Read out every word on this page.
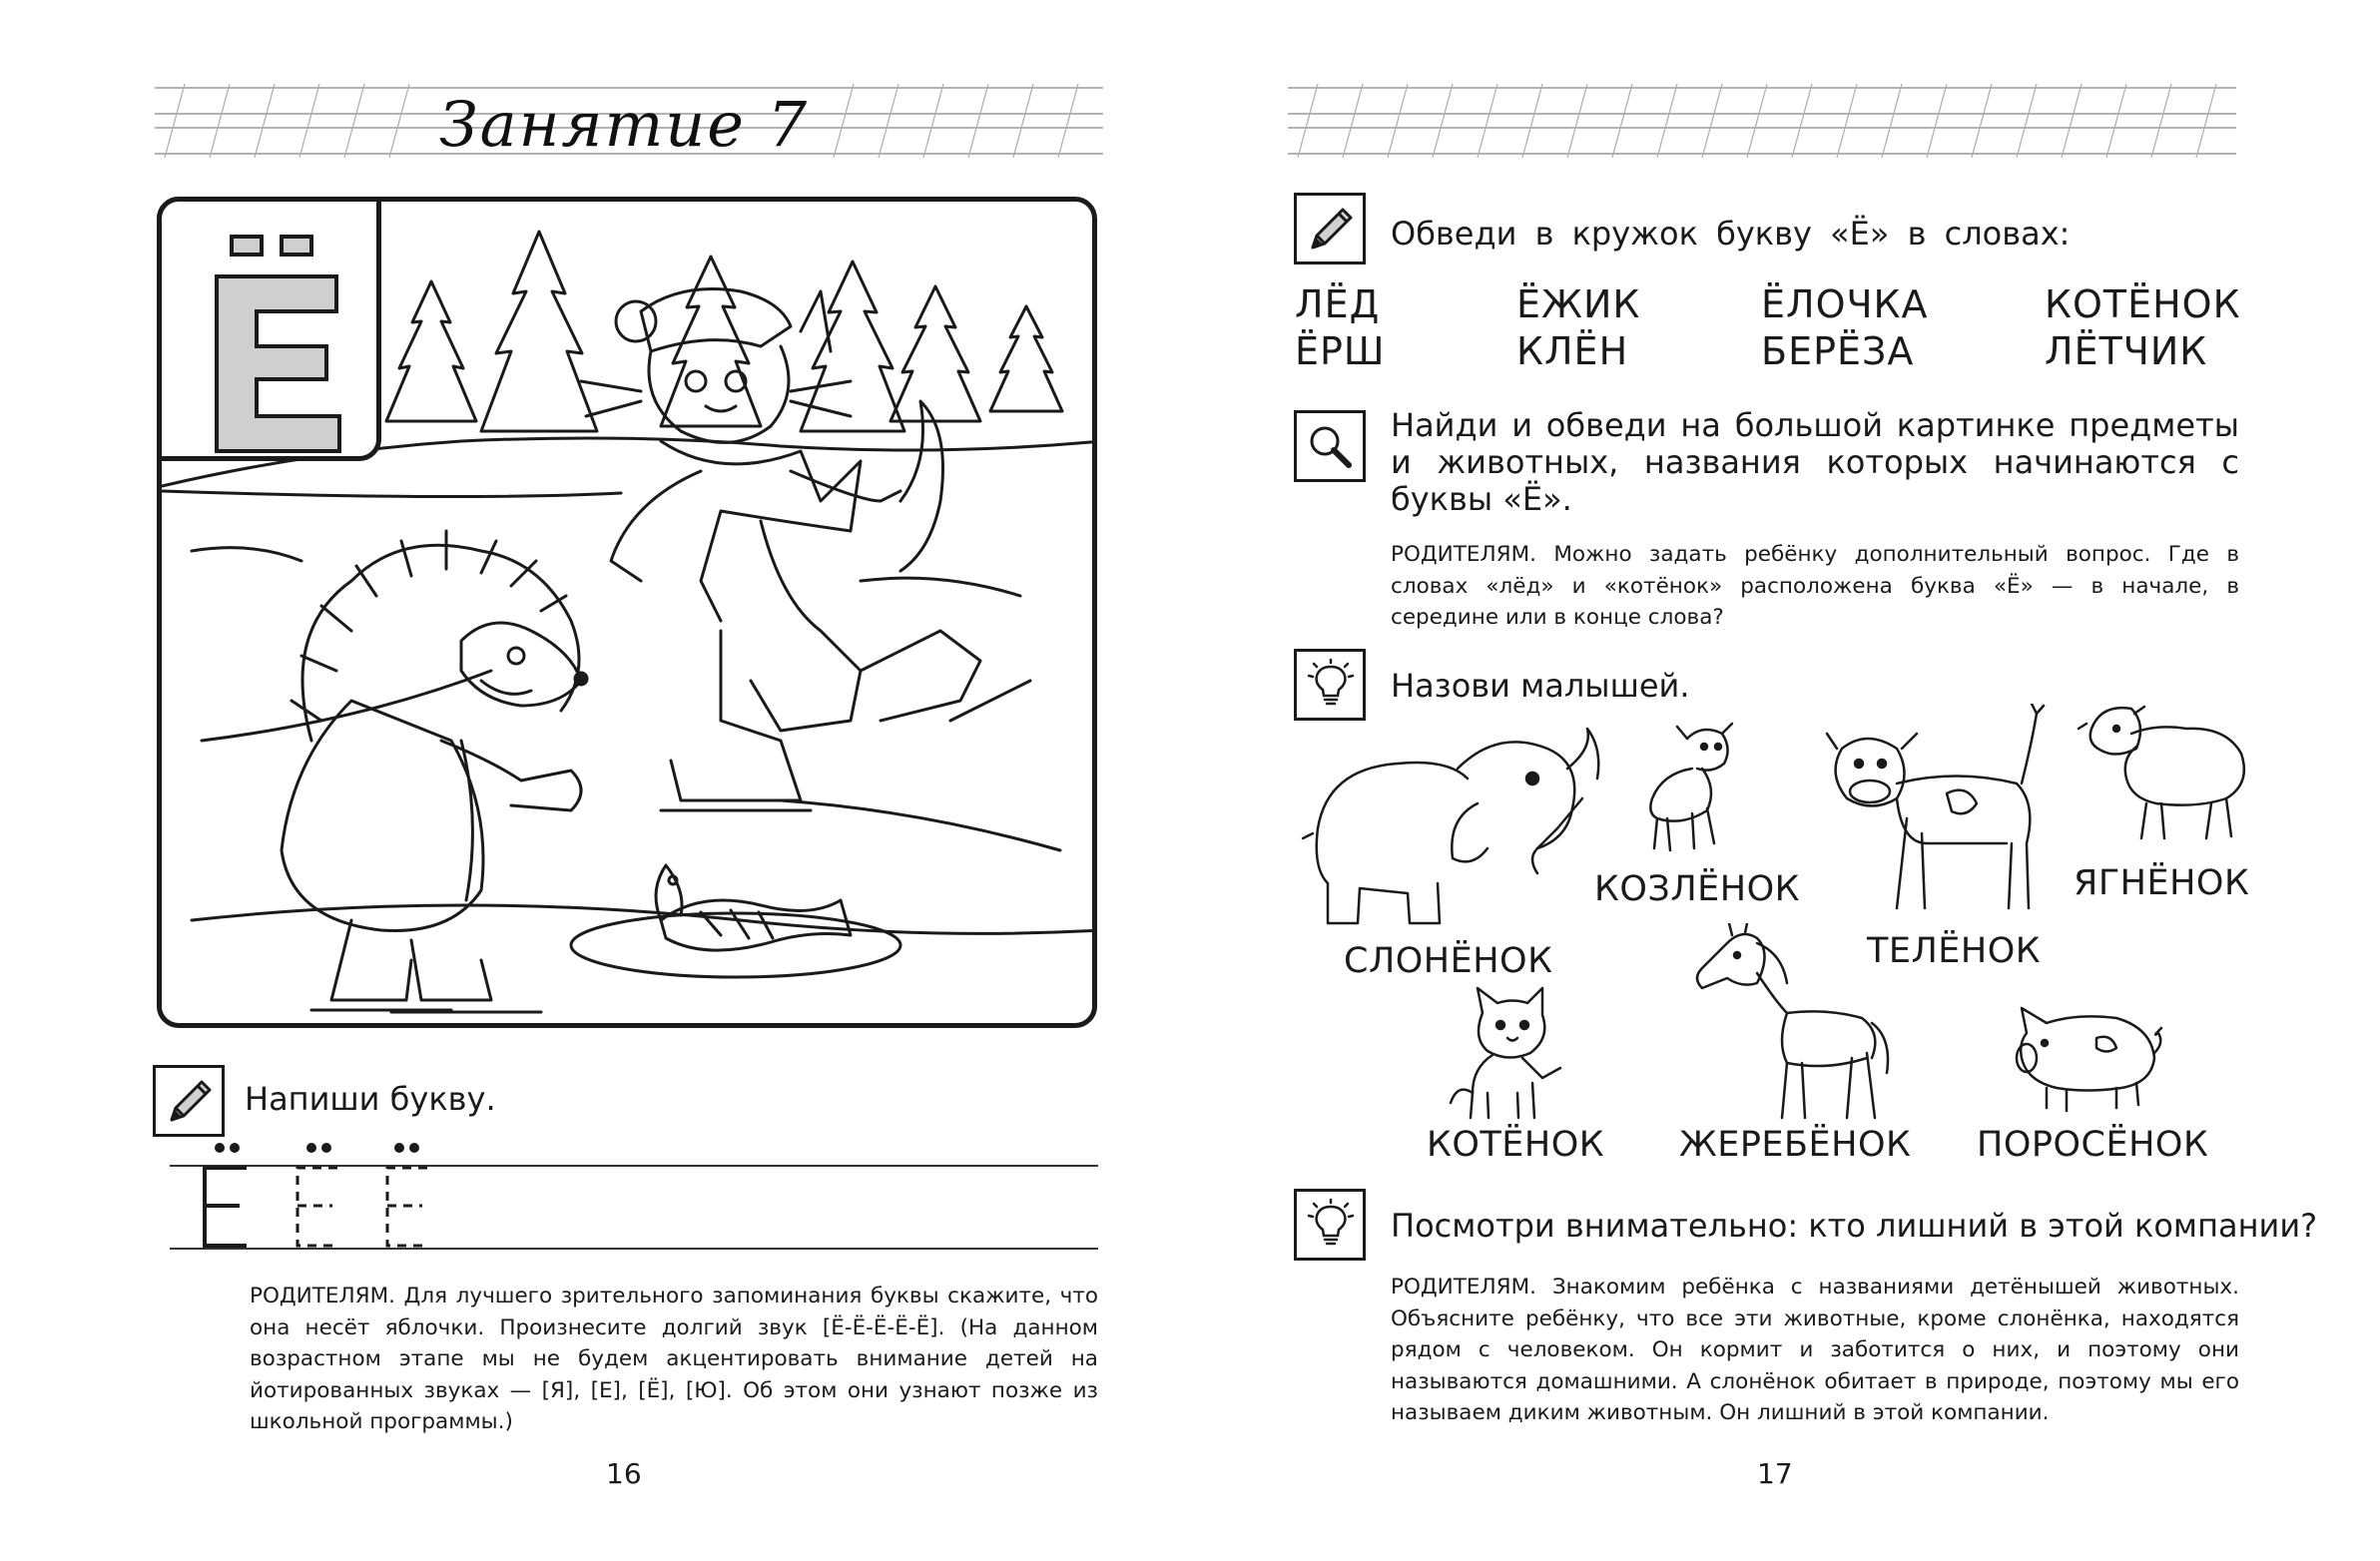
Занятие 7
Напиши букву.
РОДИТЕЛЯМ. Для лучшего зрительного запоминания буквы скажите, что она несёт яблочки. Произнесите долгий звук [Ё-Ё-Ё-Ё-Ё]. (На данном возрастном этапе мы не будем акцентировать внимание детей на йотированных звуках — [Я], [Е], [Ё], [Ю]. Об этом они узнают позже из школьной программы.)
16
Обведи в кружок букву «Ё» в словах:
ЛЁД	ЁЖИК	ЁЛОЧКА	КОТЁНОК
ЁРШ	КЛЁН	БЕРЁЗА	ЛЁТЧИК
Найди и обведи на большой картинке предметы и животных, названия которых начинаются с буквы «Ё».
РОДИТЕЛЯМ. Можно задать ребёнку дополнительный вопрос. Где в словах «лёд» и «котёнок» расположена буква «Ё» — в начале, в середине или в конце слова?
Назови малышей.
СЛОНЁНОК
КОЗЛЁНОК
ТЕЛЁНОК
ЯГНЁНОК
КОТЁНОК ЖЕРЕБЁНОК ПОРОСЁНОК
Посмотри внимательно: кто лишний в этой компании?
РОДИТЕЛЯМ. Знакомим ребёнка с названиями детёнышей животных. Объясните ребёнку, что все эти животные, кроме слонёнка, находятся рядом с человеком. Он кормит и заботится о них, и поэтому они называются домашними. А слонёнок обитает в природе, поэтому мы его называем диким животным. Он лишний в этой компании.
17
